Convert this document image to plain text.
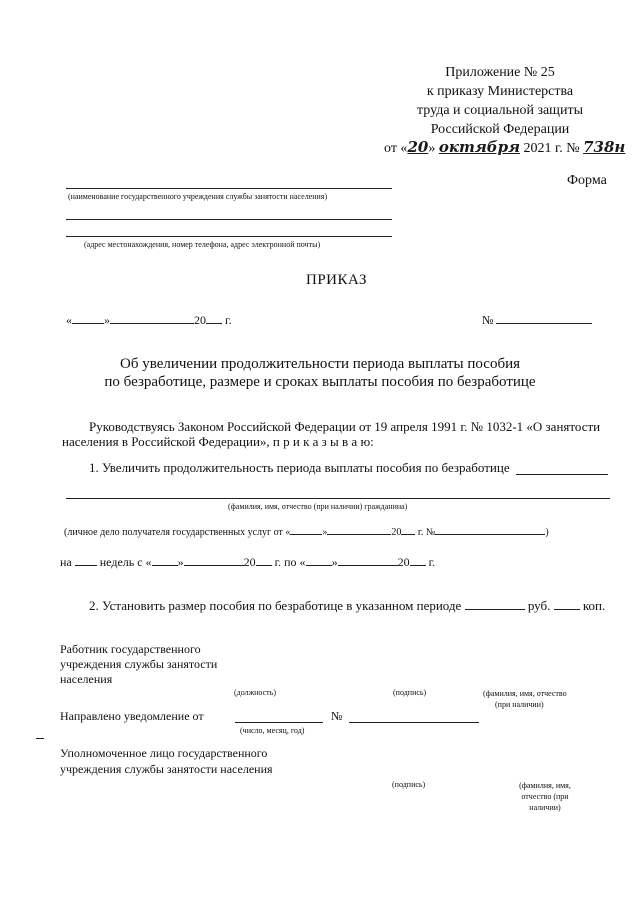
Приложение № 25
к приказу Министерства
труда и социальной защиты
Российской Федерации
от «20» октября 2021 г. № 738н
Форма
(наименование государственного учреждения службы занятости населения)
(адрес местонахождения, номер телефона, адрес электронной почты)
ПРИКАЗ
«	»	20 г.	№
Об увеличении продолжительности периода выплаты пособия
по безработице, размере и сроках выплаты пособия по безработице
Руководствуясь Законом Российской Федерации от 19 апреля 1991 г. № 1032-1 «О занятости
населения в Российской Федерации», п р и к а з ы в а ю:
1. Увеличить продолжительность периода выплаты пособия по безработице
(фамилия, имя, отчество (при наличии) гражданина)
(личное дело получателя государственных услуг от «	»	20 г. №	)
на недель с « »	20 г. по « »	20 г.
2. Установить размер пособия по безработице в указанном периоде	руб.	коп.
Работник государственного
учреждения службы занятости
населения
(должность)	(подпись)	(фамилия, имя, отчество
(при наличии)
Направлено уведомление от	№
(число, месяц, год)
Уполномоченное лицо государственного
учреждения службы занятости населения
(подпись)	(фамилия, имя,
отчество (при
наличии)
